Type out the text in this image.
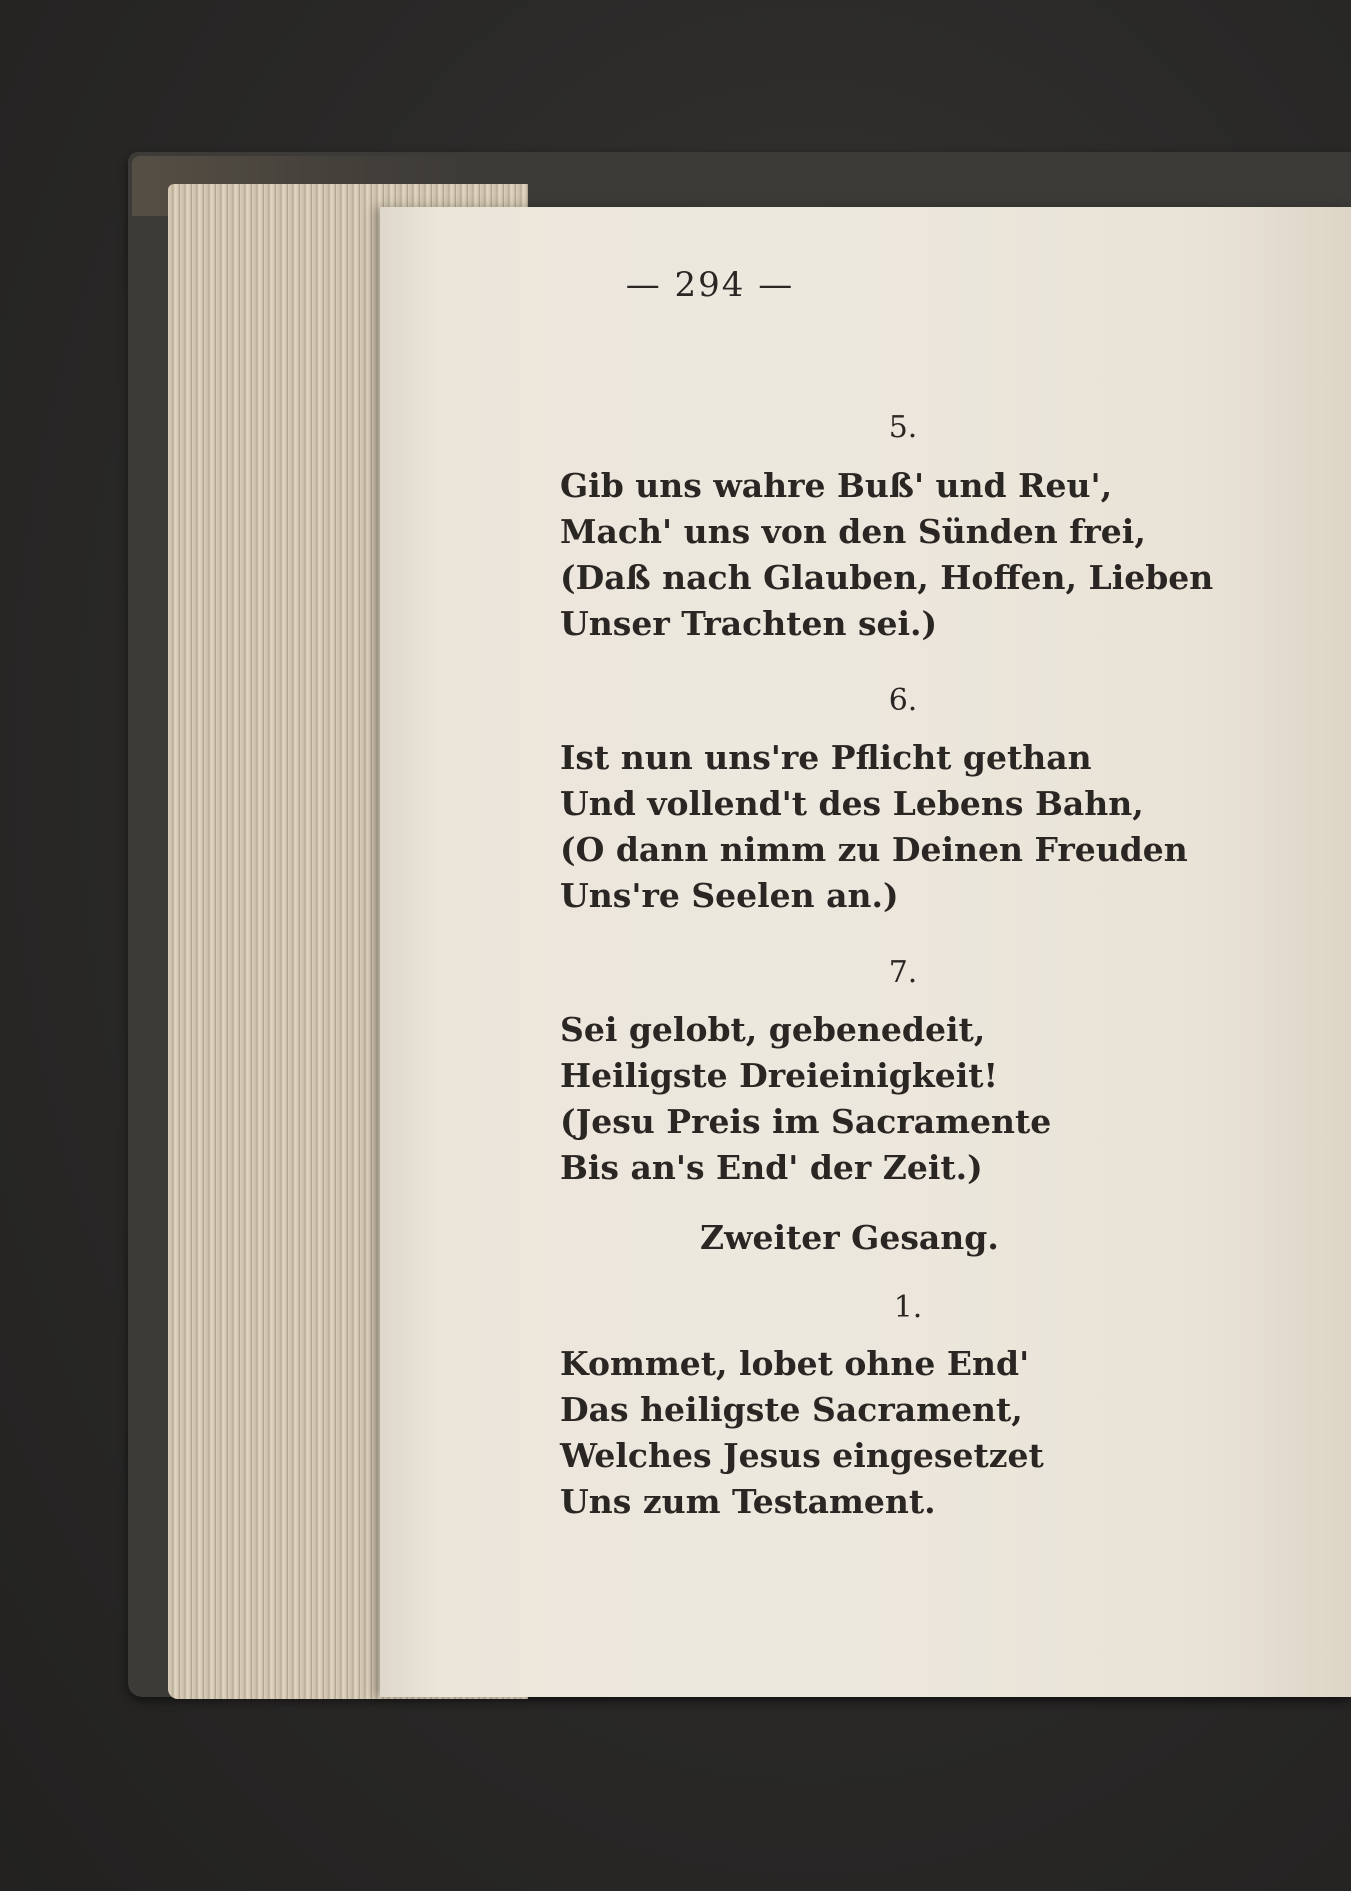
— 294 —
5.
Gib uns wahre Buß' und Reu',
Mach' uns von den Sünden frei,
(Daß nach Glauben, Hoffen, Lieben
Unser Trachten sei.)
6.
Ist nun uns're Pflicht gethan
Und vollend't des Lebens Bahn,
(O dann nimm zu Deinen Freuden
Uns're Seelen an.)
7.
Sei gelobt, gebenedeit,
Heiligste Dreieinigkeit!
(Jesu Preis im Sacramente
Bis an's End' der Zeit.)
Zweiter Gesang.
1.
Kommet, lobet ohne End'
Das heiligste Sacrament,
Welches Jesus eingesetzet
Uns zum Testament.
